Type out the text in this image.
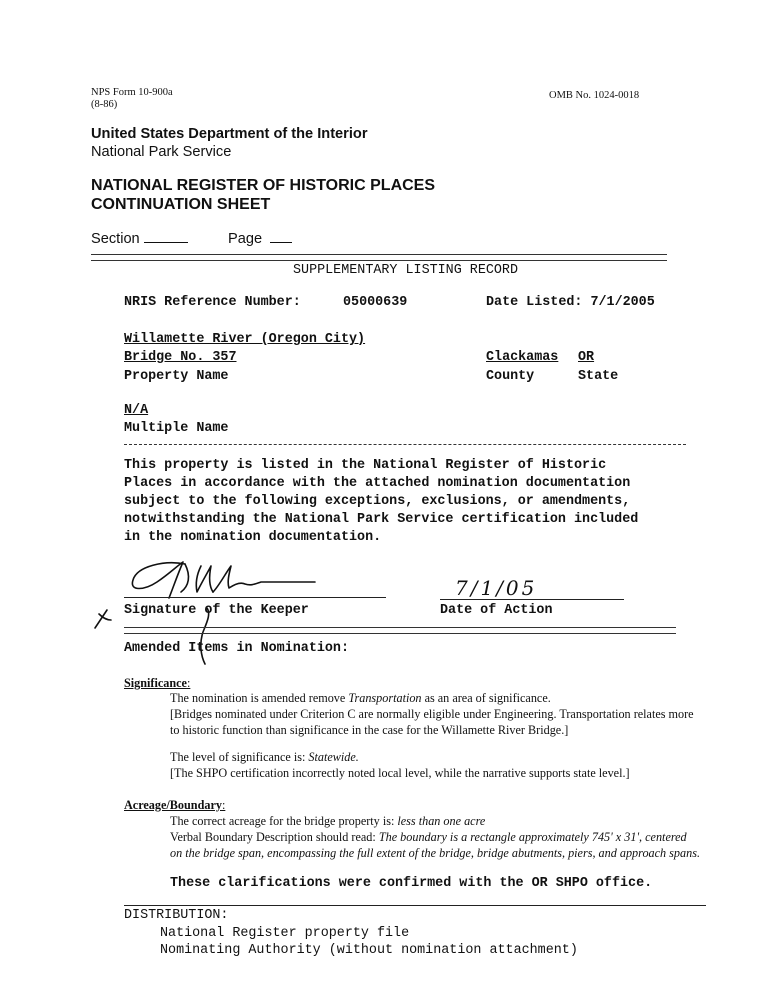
NPS Form 10-900a
(8-86)
OMB No. 1024-0018
United States Department of the Interior
National Park Service
NATIONAL REGISTER OF HISTORIC PLACES
CONTINUATION SHEET
Section	Page
SUPPLEMENTARY LISTING RECORD
NRIS Reference Number:	05000639	Date Listed: 7/1/2005
Willamette River (Oregon City)
Bridge No. 357
Property Name
Clackamas OR
County	State
N/A
Multiple Name
This property is listed in the National Register of Historic
Places in accordance with the attached nomination documentation
subject to the following exceptions, exclusions, or amendments,
notwithstanding the National Park Service certification included
in the nomination documentation.
Signature of the Keeper
7/1/05
Date of Action
Amended Items in Nomination:
Significance:
The nomination is amended remove Transportation as an area of significance.
[Bridges nominated under Criterion C are normally eligible under Engineering. Transportation relates more
to historic function than significance in the case for the Willamette River Bridge.]
The level of significance is: Statewide.
[The SHPO certification incorrectly noted local level, while the narrative supports state level.]
Acreage/Boundary:
The correct acreage for the bridge property is: less than one acre
Verbal Boundary Description should read: The boundary is a rectangle approximately 745' x 31', centered
on the bridge span, encompassing the full extent of the bridge, bridge abutments, piers, and approach spans.
These clarifications were confirmed with the OR SHPO office.
DISTRIBUTION:
National Register property file
Nominating Authority (without nomination attachment)
